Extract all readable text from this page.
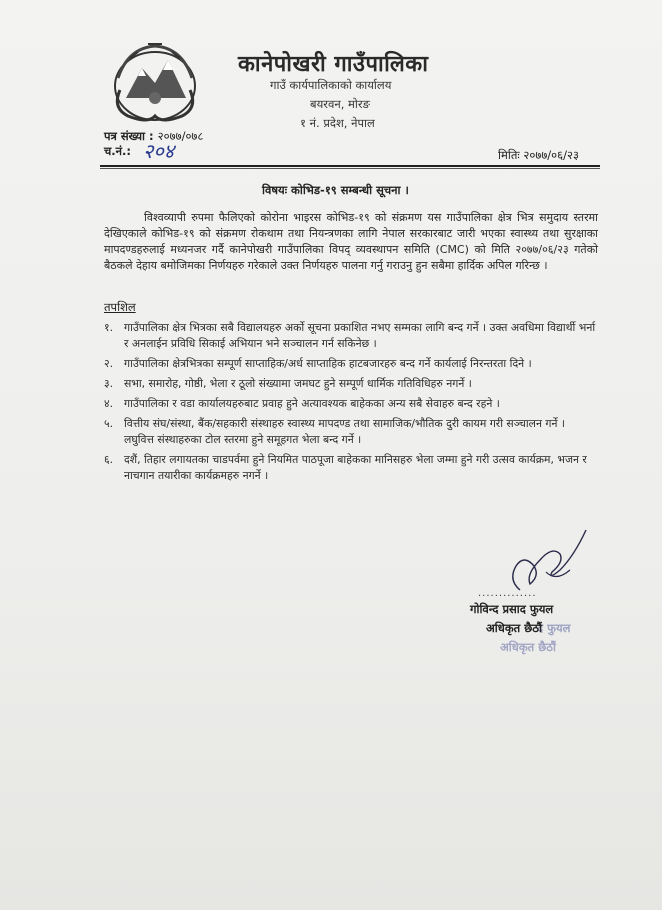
कानेपोखरी गाउँपालिका
गाउँ कार्यपालिकाको कार्यालय
बयरवन, मोरङ
१ नं. प्रदेश, नेपाल
पत्र संख्या : २०७७/०७८
च.नं.: २०४	मितिः २०७७/०६/२३
विषयः कोभिड-१९ सम्बन्धी सूचना ।
विश्वव्यापी रुपमा फैलिएको कोरोना भाइरस कोभिड-१९ को संक्रमण यस गाउँपालिका क्षेत्र भित्र समुदाय स्तरमा देखिएकाले कोभिड-१९ को संक्रमण रोकथाम तथा नियन्त्रणका लागि नेपाल सरकारबाट जारी भएका स्वास्थ्य तथा सुरक्षाका मापदण्डहरुलाई मध्यनजर गर्दै कानेपोखरी गाउँपालिका विपद् व्यवस्थापन समिति (CMC) को मिति २०७७/०६/२३ गतेको बैठकले देहाय बमोजिमका निर्णयहरु गरेकाले उक्त निर्णयहरु पालना गर्नु गराउनु हुन सबैमा हार्दिक अपिल गरिन्छ ।
तपशिल
१. गाउँपालिका क्षेत्र भित्रका सबै विद्यालयहरु अर्को सूचना प्रकाशित नभए सम्मका लागि बन्द गर्ने । उक्त अवधिमा विद्यार्थी भर्ना र अनलाईन प्रविधि सिकाई अभियान भने सञ्चालन गर्न सकिनेछ ।
२. गाउँपालिका क्षेत्रभित्रका सम्पूर्ण साप्ताहिक/अर्ध साप्ताहिक हाटबजारहरु बन्द गर्ने कार्यलाई निरन्तरता दिने ।
३. सभा, समारोह, गोष्ठी, भेला र ठूलो संख्यामा जमघट हुने सम्पूर्ण धार्मिक गतिविधिहरु नगर्ने ।
४. गाउँपालिका र वडा कार्यालयहरुबाट प्रवाह हुने अत्यावश्यक बाहेकका अन्य सबै सेवाहरु बन्द रहने ।
५. वित्तीय संघ/संस्था, बैंक/सहकारी संस्थाहरु स्वास्थ्य मापदण्ड तथा सामाजिक/भौतिक दुरी कायम गरी सञ्चालन गर्ने । लघुवित्त संस्थाहरुका टोल स्तरमा हुने समूहगत भेला बन्द गर्ने ।
६. दशैं, तिहार लगायतका चाडपर्वमा हुने नियमित पाठपूजा बाहेकका मानिसहरु भेला जम्मा हुने गरी उत्सव कार्यक्रम, भजन र नाचगान तयारीका कार्यक्रमहरु नगर्ने ।
..............
गोविन्द प्रसाद फुयल
द फुयल
अधिकृत छैठौं
अधिकृत छैठौं
